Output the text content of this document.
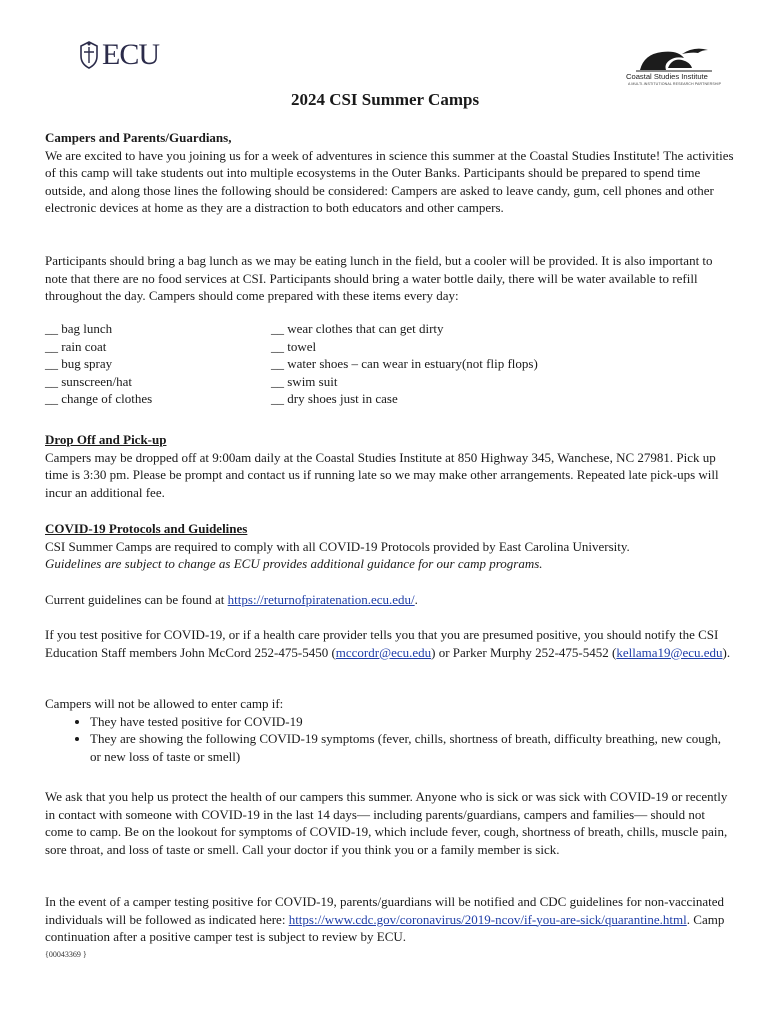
ECU
Coastal Studies Institute
A MULTI-INSTITUTIONAL RESEARCH PARTNERSHIP
2024 CSI Summer Camps

Campers and Parents/Guardians,

We are excited to have you joining us for a week of adventures in science this summer at the Coastal Studies Institute! The activities of this camp will take students out into multiple ecosystems in the Outer Banks. Participants should be prepared to spend time outside, and along those lines the following should be considered: Campers are asked to leave candy, gum, cell phones and other electronic devices at home as they are a distraction to both educators and other campers.

Participants should bring a bag lunch as we may be eating lunch in the field, but a cooler will be provided. It is also important to note that there are no food services at CSI. Participants should bring a water bottle daily, there will be water available to refill throughout the day. Campers should come prepared with these items every day:

__ bag lunch
__ rain coat
__ bug spray
__ sunscreen/hat
__ change of clothes
__ wear clothes that can get dirty
__ towel
__ water shoes – can wear in estuary(not flip flops)
__ swim suit
__ dry shoes just in case

Drop Off and Pick-up

Campers may be dropped off at 9:00am daily at the Coastal Studies Institute at 850 Highway 345, Wanchese, NC 27981. Pick up time is 3:30 pm. Please be prompt and contact us if running late so we may make other arrangements. Repeated late pick-ups will incur an additional fee.

COVID-19 Protocols and Guidelines

CSI Summer Camps are required to comply with all COVID-19 Protocols provided by East Carolina University.

Guidelines are subject to change as ECU provides additional guidance for our camp programs.

Current guidelines can be found at https://returnofpiratenation.ecu.edu/.

If you test positive for COVID-19, or if a health care provider tells you that you are presumed positive, you should notify the CSI Education Staff members John McCord 252-475-5450 (mccordr@ecu.edu) or Parker Murphy 252-475-5452 (kellama19@ecu.edu).

Campers will not be allowed to enter camp if:

• They have tested positive for COVID-19
• They are showing the following COVID-19 symptoms (fever, chills, shortness of breath, difficulty breathing, new cough, or new loss of taste or smell)

We ask that you help us protect the health of our campers this summer. Anyone who is sick or was sick with COVID-19 or recently in contact with someone with COVID-19 in the last 14 days— including parents/guardians, campers and families— should not come to camp. Be on the lookout for symptoms of COVID-19, which include fever, cough, shortness of breath, chills, muscle pain, sore throat, and loss of taste or smell. Call your doctor if you think you or a family member is sick.

In the event of a camper testing positive for COVID-19, parents/guardians will be notified and CDC guidelines for non-vaccinated individuals will be followed as indicated here: https://www.cdc.gov/coronavirus/2019-ncov/if-you-are-sick/quarantine.html. Camp continuation after a positive camper test is subject to review by ECU.

{00043369 }
